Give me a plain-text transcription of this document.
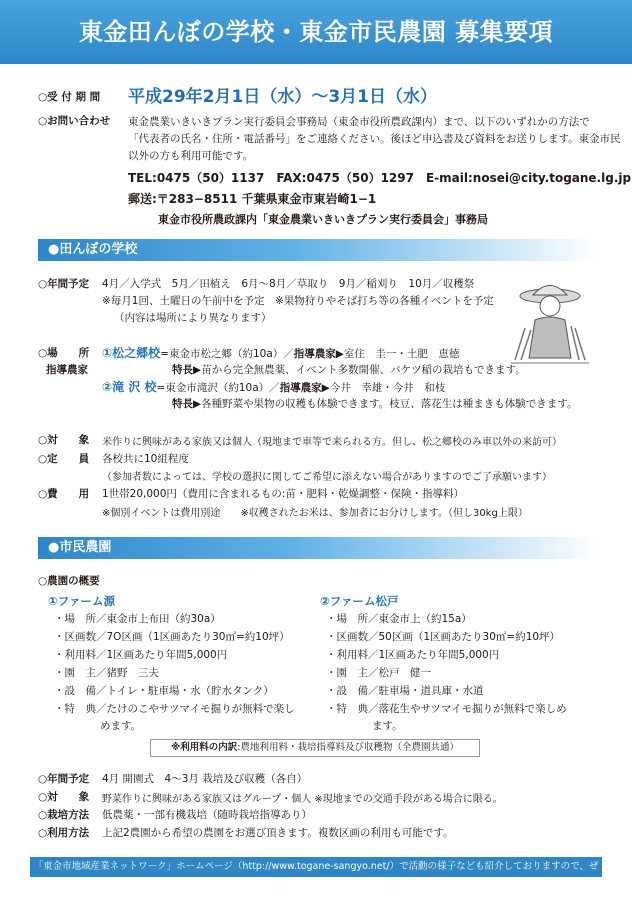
東金田んぼの学校・東金市民農園 募集要項
○受 付 期 間 平成29年2月1日（水）〜3月1日（水）
○お問い合わせ 東金農業いきいきプラン実行委員会事務局（東金市役所農政課内）まで、以下のいずれかの方法で
「代表者の氏名・住所・電話番号」をご連絡ください。後ほど申込書及び資料をお送りします。東金市民
以外の方も利用可能です。
TEL:0475（50）1137　FAX:0475（50）1297　E-mail:nosei@city.togane.lg.jp
郵送:〒283−8511 千葉県東金市東岩崎1−1
東金市役所農政課内「東金農業いきいきプラン実行委員会」事務局
●田んぼの学校
○年間予定 4月／入学式　5月／田植え　6月〜8月／草取り　9月／稲刈り　10月／収穫祭
※毎月1回、土曜日の午前中を予定　※果物狩りやそば打ち等の各種イベントを予定
（内容は場所により異なります）
○場　　所
指導農家
①松之郷校=東金市松之郷（約10a）／指導農家▶室住　圭一・土肥　恵徳
特長▶苗から完全無農薬、イベント多数開催、バケツ稲の栽培もできます。
②滝 沢 校=東金市滝沢（約10a）／指導農家▶今井　幸雄・今井　和枝
特長▶各種野菜や果物の収穫も体験できます。枝豆、落花生は種まきも体験できます。
○対　　象 米作りに興味がある家族又は個人（現地まで車等で来られる方。但し、松之郷校のみ車以外の来訪可）
○定　　員 各校共に10組程度
（参加者数によっては、学校の選択に関してご希望に添えない場合がありますのでご了承願います）
○費　　用 1世帯20,000円（費用に含まれるもの:苗・肥料・乾燥調整・保険・指導料）
※個別イベントは費用別途　　※収穫されたお米は、参加者にお分けします。（但し30kg上限）
●市民農園
○農園の概要
①ファーム源
・場　所／東金市上布田（約30a）
・区画数／7O区画（1区画あたり30㎡=約10坪）
・利用料／1区画あたり年間5,000円
・園　主／猪野　三夫
・設　備／トイレ・駐車場・水（貯水タンク）
・特　典／たけのこやサツマイモ掘りが無料で楽し
めます。
②ファーム松戸
・場　所／東金市上（約15a）
・区画数／50区画（1区画あたり30㎡=約10坪）
・利用料／1区画あたり年間5,000円
・園　主／松戸　健一
・設　備／駐車場・道具庫・水道
・特　典／落花生やサツマイモ掘りが無料で楽しめ
ます。
※利用料の内訳:農地利用料・栽培指導料及び収穫物（全農園共通）
○年間予定 4月 開園式　4〜3月 栽培及び収穫（各自）
○対　　象 野菜作りに興味がある家族又はグループ・個人 ※現地までの交通手段がある場合に限る。
○栽培方法 低農薬・一部有機栽培（随時栽培指導あり）
○利用方法 上記2農園から希望の農園をお選び頂きます。複数区画の利用も可能です。
「東金市地域産業ネットワーク」ホームページ（http://www.togane-sangyo.net/）で活動の様子なども紹介しておりますので、ぜひご覧ください。
